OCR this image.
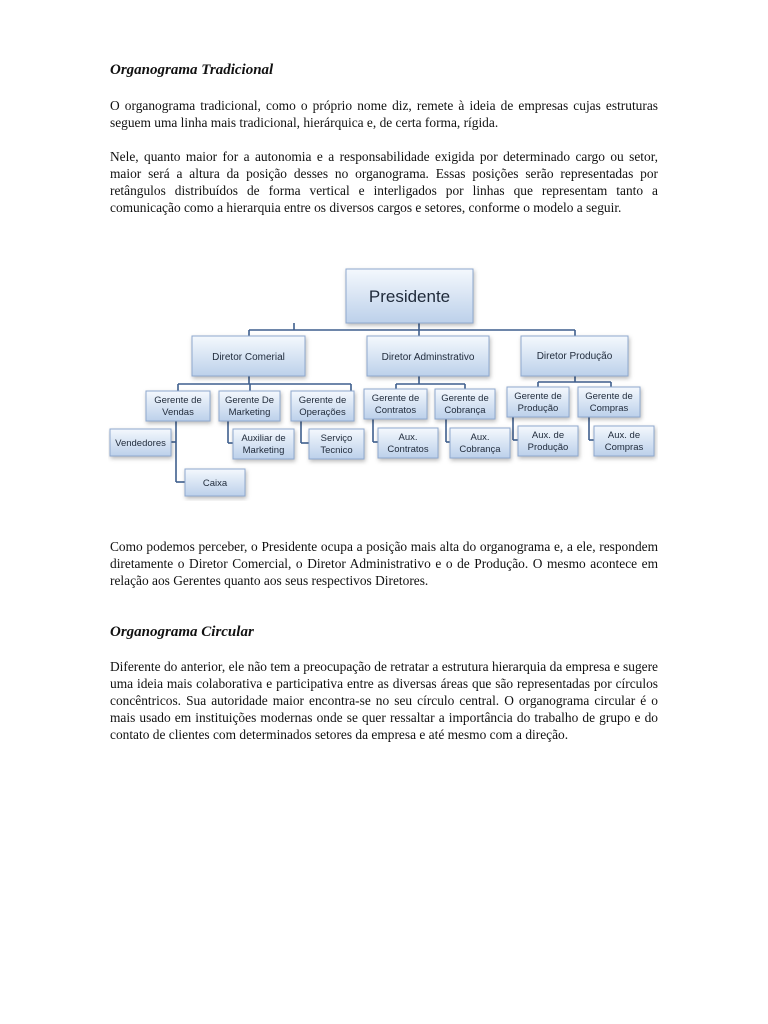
Organograma Tradicional

O organograma tradicional, como o próprio nome diz, remete à ideia de empresas cujas estruturas seguem uma linha mais tradicional, hierárquica e, de certa forma, rígida.

Nele, quanto maior for a autonomia e a responsabilidade exigida por determinado cargo ou setor, maior será a altura da posição desses no organograma. Essas posições serão representadas por retângulos distribuídos de forma vertical e interligados por linhas que representam tanto a comunicação como a hierarquia entre os diversos cargos e setores, conforme o modelo a seguir.

Presidente
Diretor Comerial	Diretor Adminstrativo	Diretor Produção
Gerente de
Vendas
Gerente De
Marketing
Gerente de
Operações
Gerente de
Contratos
Gerente de
Cobrança
Gerente de
Produção
Gerente de
Compras
Vendedores
Caixa
Auxiliar de
Marketing
Serviço
Tecnico
Aux.
Contratos
Aux.
Cobrança
Aux. de
Produção
Aux. de
Compras

Como podemos perceber, o Presidente ocupa a posição mais alta do organograma e, a ele, respondem diretamente o Diretor Comercial, o Diretor Administrativo e o de Produção. O mesmo acontece em relação aos Gerentes quanto aos seus respectivos Diretores.

Organograma Circular

Diferente do anterior, ele não tem a preocupação de retratar a estrutura hierarquia da empresa e sugere uma ideia mais colaborativa e participativa entre as diversas áreas que são representadas por círculos concêntricos. Sua autoridade maior encontra-se no seu círculo central. O organograma circular é o mais usado em instituições modernas onde se quer ressaltar a importância do trabalho de grupo e do contato de clientes com determinados setores da empresa e até mesmo com a direção.
